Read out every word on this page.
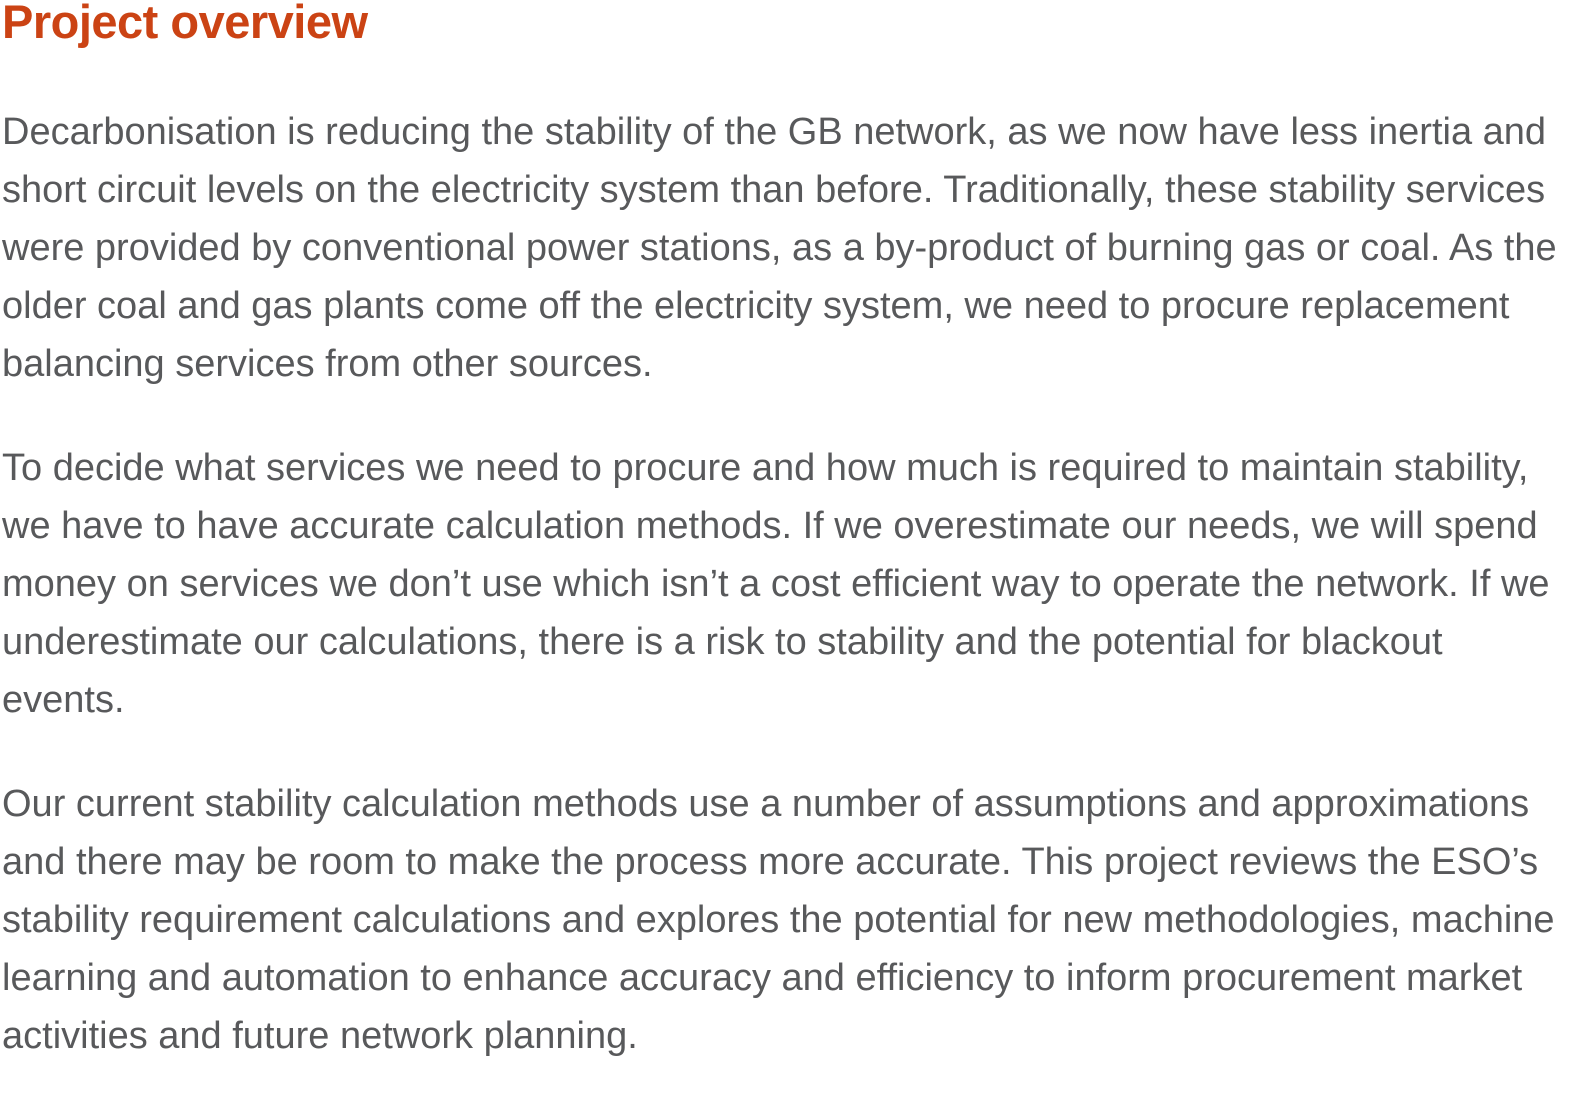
Project overview

Decarbonisation is reducing the stability of the GB network, as we now have less inertia and short circuit levels on the electricity system than before. Traditionally, these stability services were provided by conventional power stations, as a by-product of burning gas or coal. As the older coal and gas plants come off the electricity system, we need to procure replacement balancing services from other sources.

To decide what services we need to procure and how much is required to maintain stability, we have to have accurate calculation methods. If we overestimate our needs, we will spend money on services we don’t use which isn’t a cost efficient way to operate the network. If we underestimate our calculations, there is a risk to stability and the potential for blackout events.

Our current stability calculation methods use a number of assumptions and approximations and there may be room to make the process more accurate. This project reviews the ESO’s stability requirement calculations and explores the potential for new methodologies, machine learning and automation to enhance accuracy and efficiency to inform procurement market activities and future network planning.
